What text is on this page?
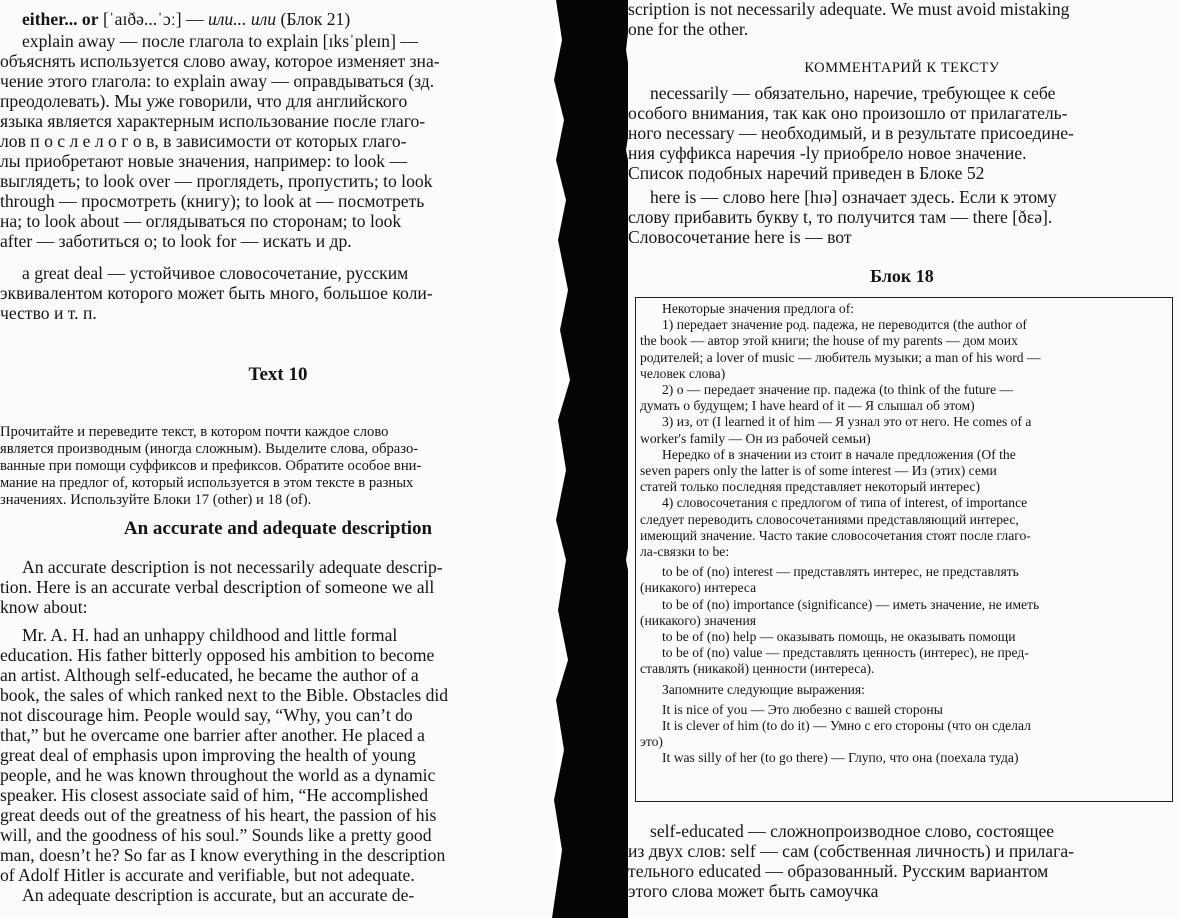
either... or [ˈaɪðə...ˈɔː] — или... или (Блок 21)

explain away — после глагола to explain [ɪksˈpleɪn] —

объяснять используется слово away, которое изменяет зна-

чение этого глагола: to explain away — оправдываться (зд.

преодолевать). Мы уже говорили, что для английского

языка является характерным использование после глаго-

лов п о с л е л о г о в, в зависимости от которых глаго-

лы приобретают новые значения, например: to look —

выглядеть; to look over — проглядеть, пропустить; to look

through — просмотреть (книгу); to look at — посмотреть

на; to look about — оглядываться по сторонам; to look

after — заботиться о; to look for — искать и др.

a great deal — устойчивое словосочетание, русским

эквивалентом которого может быть много, большое коли-

чество и т. п.

Text 10

Прочитайте и переведите текст, в котором почти каждое слово

является производным (иногда сложным). Выделите слова, образо-

ванные при помощи суффиксов и префиксов. Обратите особое вни-

мание на предлог of, который используется в этом тексте в разных

значениях. Используйте Блоки 17 (other) и 18 (of).

An accurate and adequate description

An accurate description is not necessarily adequate descrip-

tion. Here is an accurate verbal description of someone we all

know about:

Mr. A. H. had an unhappy childhood and little formal

education. His father bitterly opposed his ambition to become

an artist. Although self-educated, he became the author of a

book, the sales of which ranked next to the Bible. Obstacles did

not discourage him. People would say, “Why, you can’t do

that,” but he overcame one barrier after another. He placed a

great deal of emphasis upon improving the health of young

people, and he was known throughout the world as a dynamic

speaker. His closest associate said of him, “He accomplished

great deeds out of the greatness of his heart, the passion of his

will, and the goodness of his soul.” Sounds like a pretty good

man, doesn’t he? So far as I know everything in the description

of Adolf Hitler is accurate and verifiable, but not adequate.

An adequate description is accurate, but an accurate de-

scription is not necessarily adequate. We must avoid mistaking

one for the other.

КОММЕНТАРИЙ К ТЕКСТУ

necessarily — обязательно, наречие, требующее к себе

особого внимания, так как оно произошло от прилагатель-

ного necessary — необходимый, и в результате присоедине-

ния суффикса наречия -ly приобрело новое значение.

Список подобных наречий приведен в Блоке 52

here is — слово here [hɪə] означает здесь. Если к этому

слову прибавить букву t, то получится там — there [ðɛə].

Словосочетание here is — вот

Блок 18

Некоторые значения предлога of:

1) передает значение род. падежа, не переводится (the author of

the book — автор этой книги; the house of my parents — дом моих

родителей; a lover of music — любитель музыки; a man of his word —

человек слова)

2) о — передает значение пр. падежа (to think of the future —

думать о будущем; I have heard of it — Я слышал об этом)

3) из, от (I learned it of him — Я узнал это от него. He comes of a

worker's family — Он из рабочей семьи)

Нередко of в значении из стоит в начале предложения (Of the

seven papers only the latter is of some interest — Из (этих) семи

статей только последняя представляет некоторый интерес)

4) словосочетания с предлогом of типа of interest, of importance

следует переводить словосочетаниями представляющий интерес,

имеющий значение. Часто такие словосочетания стоят после глаго-

ла-связки to be:

to be of (no) interest — представлять интерес, не представлять

(никакого) интереса

to be of (no) importance (significance) — иметь значение, не иметь

(никакого) значения

to be of (no) help — оказывать помощь, не оказывать помощи

to be of (no) value — представлять ценность (интерес), не пред-

ставлять (никакой) ценности (интереса).

Запомните следующие выражения:

It is nice of you — Это любезно с вашей стороны

It is clever of him (to do it) — Умно с его стороны (что он сделал

это)

It was silly of her (to go there) — Глупо, что она (поехала туда)

self-educated — сложнопроизводное слово, состоящее

из двух слов: self — сам (собственная личность) и прилага-

тельного educated — образованный. Русским вариантом

этого слова может быть самоучка
